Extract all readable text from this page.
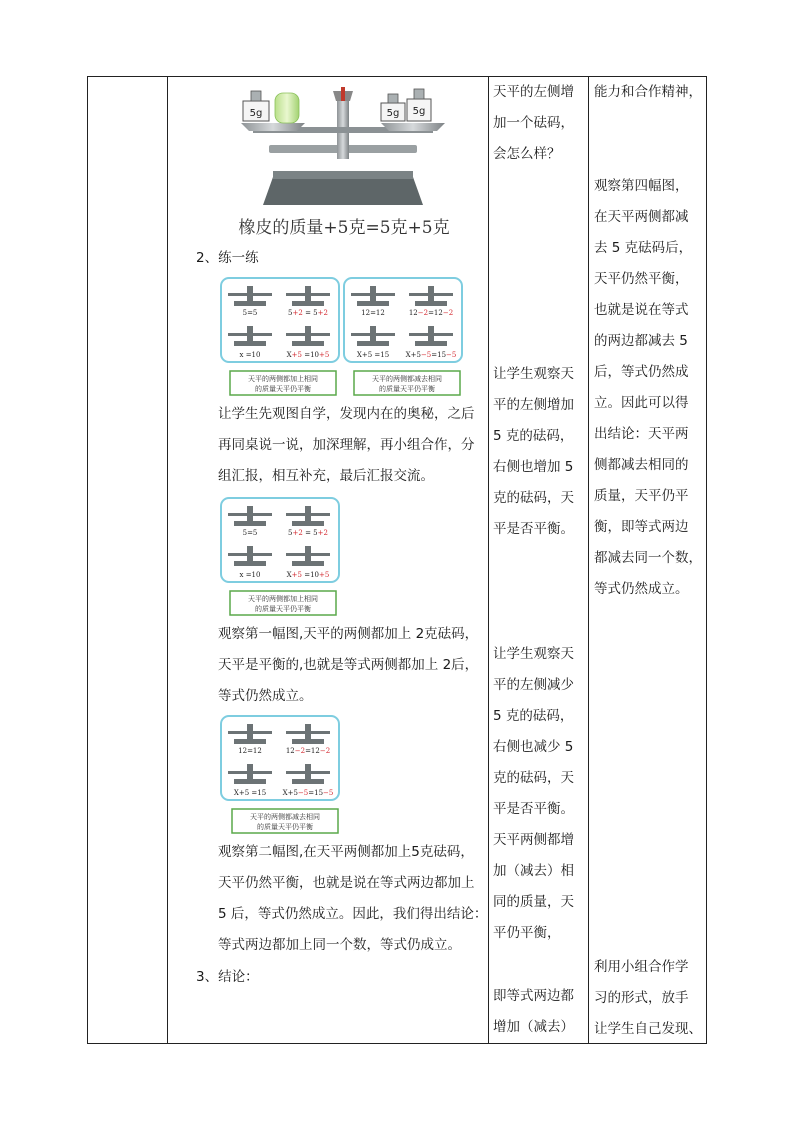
天平的左侧增
加一个砝码，
会怎么样？
让学生观察天
平的左侧增加
5 克的砝码，
右侧也增加 5
克的砝码，天
平是否平衡。
让学生观察天
平的左侧减少
5 克的砝码，
右侧也减少 5
克的砝码，天
平是否平衡。
天平两侧都增
加（减去）相
同的质量，天
平仍平衡，
即等式两边都
增加（减去）
能力和合作精神，
观察第四幅图，
在天平两侧都减
去 5 克砝码后，
天平仍然平衡，
也就是说在等式
的两边都减去 5
后，等式仍然成
立。因此可以得
出结论：天平两
侧都减去相同的
质量，天平仍平
衡，即等式两边
都减去同一个数，
等式仍然成立。
利用小组合作学
习的形式，放手
让学生自己发现、
5g	5g 5g
橡皮的质量+5克=5克+5克
2、练一练
5=5	5+2 = 5+2
x =10	X+5 =10+5
天平的两侧都加上相同
的质量天平仍平衡
12=12	12−2=12−2
X+5 =15 X+5−5=15−5
天平的两侧都减去相同
的质量天平仍平衡
让学生先观图自学，发现内在的奥秘，之后
再同桌说一说，加深理解，再小组合作，分
组汇报，相互补充，最后汇报交流。
5=5	5+2 = 5+2
x =10	X+5 =10+5
天平的两侧都加上相同
的质量天平仍平衡
观察第一幅图,天平的两侧都加上 2克砝码，
天平是平衡的,也就是等式两侧都加上 2后，
等式仍然成立。
12=12	12−2=12−2
X+5 =15 X+5−5=15−5
天平的两侧都减去相同
的质量天平仍平衡
观察第二幅图,在天平两侧都加上5克砝码，
天平仍然平衡，也就是说在等式两边都加上
5 后，等式仍然成立。因此，我们得出结论：
等式两边都加上同一个数，等式仍成立。
3、结论：
